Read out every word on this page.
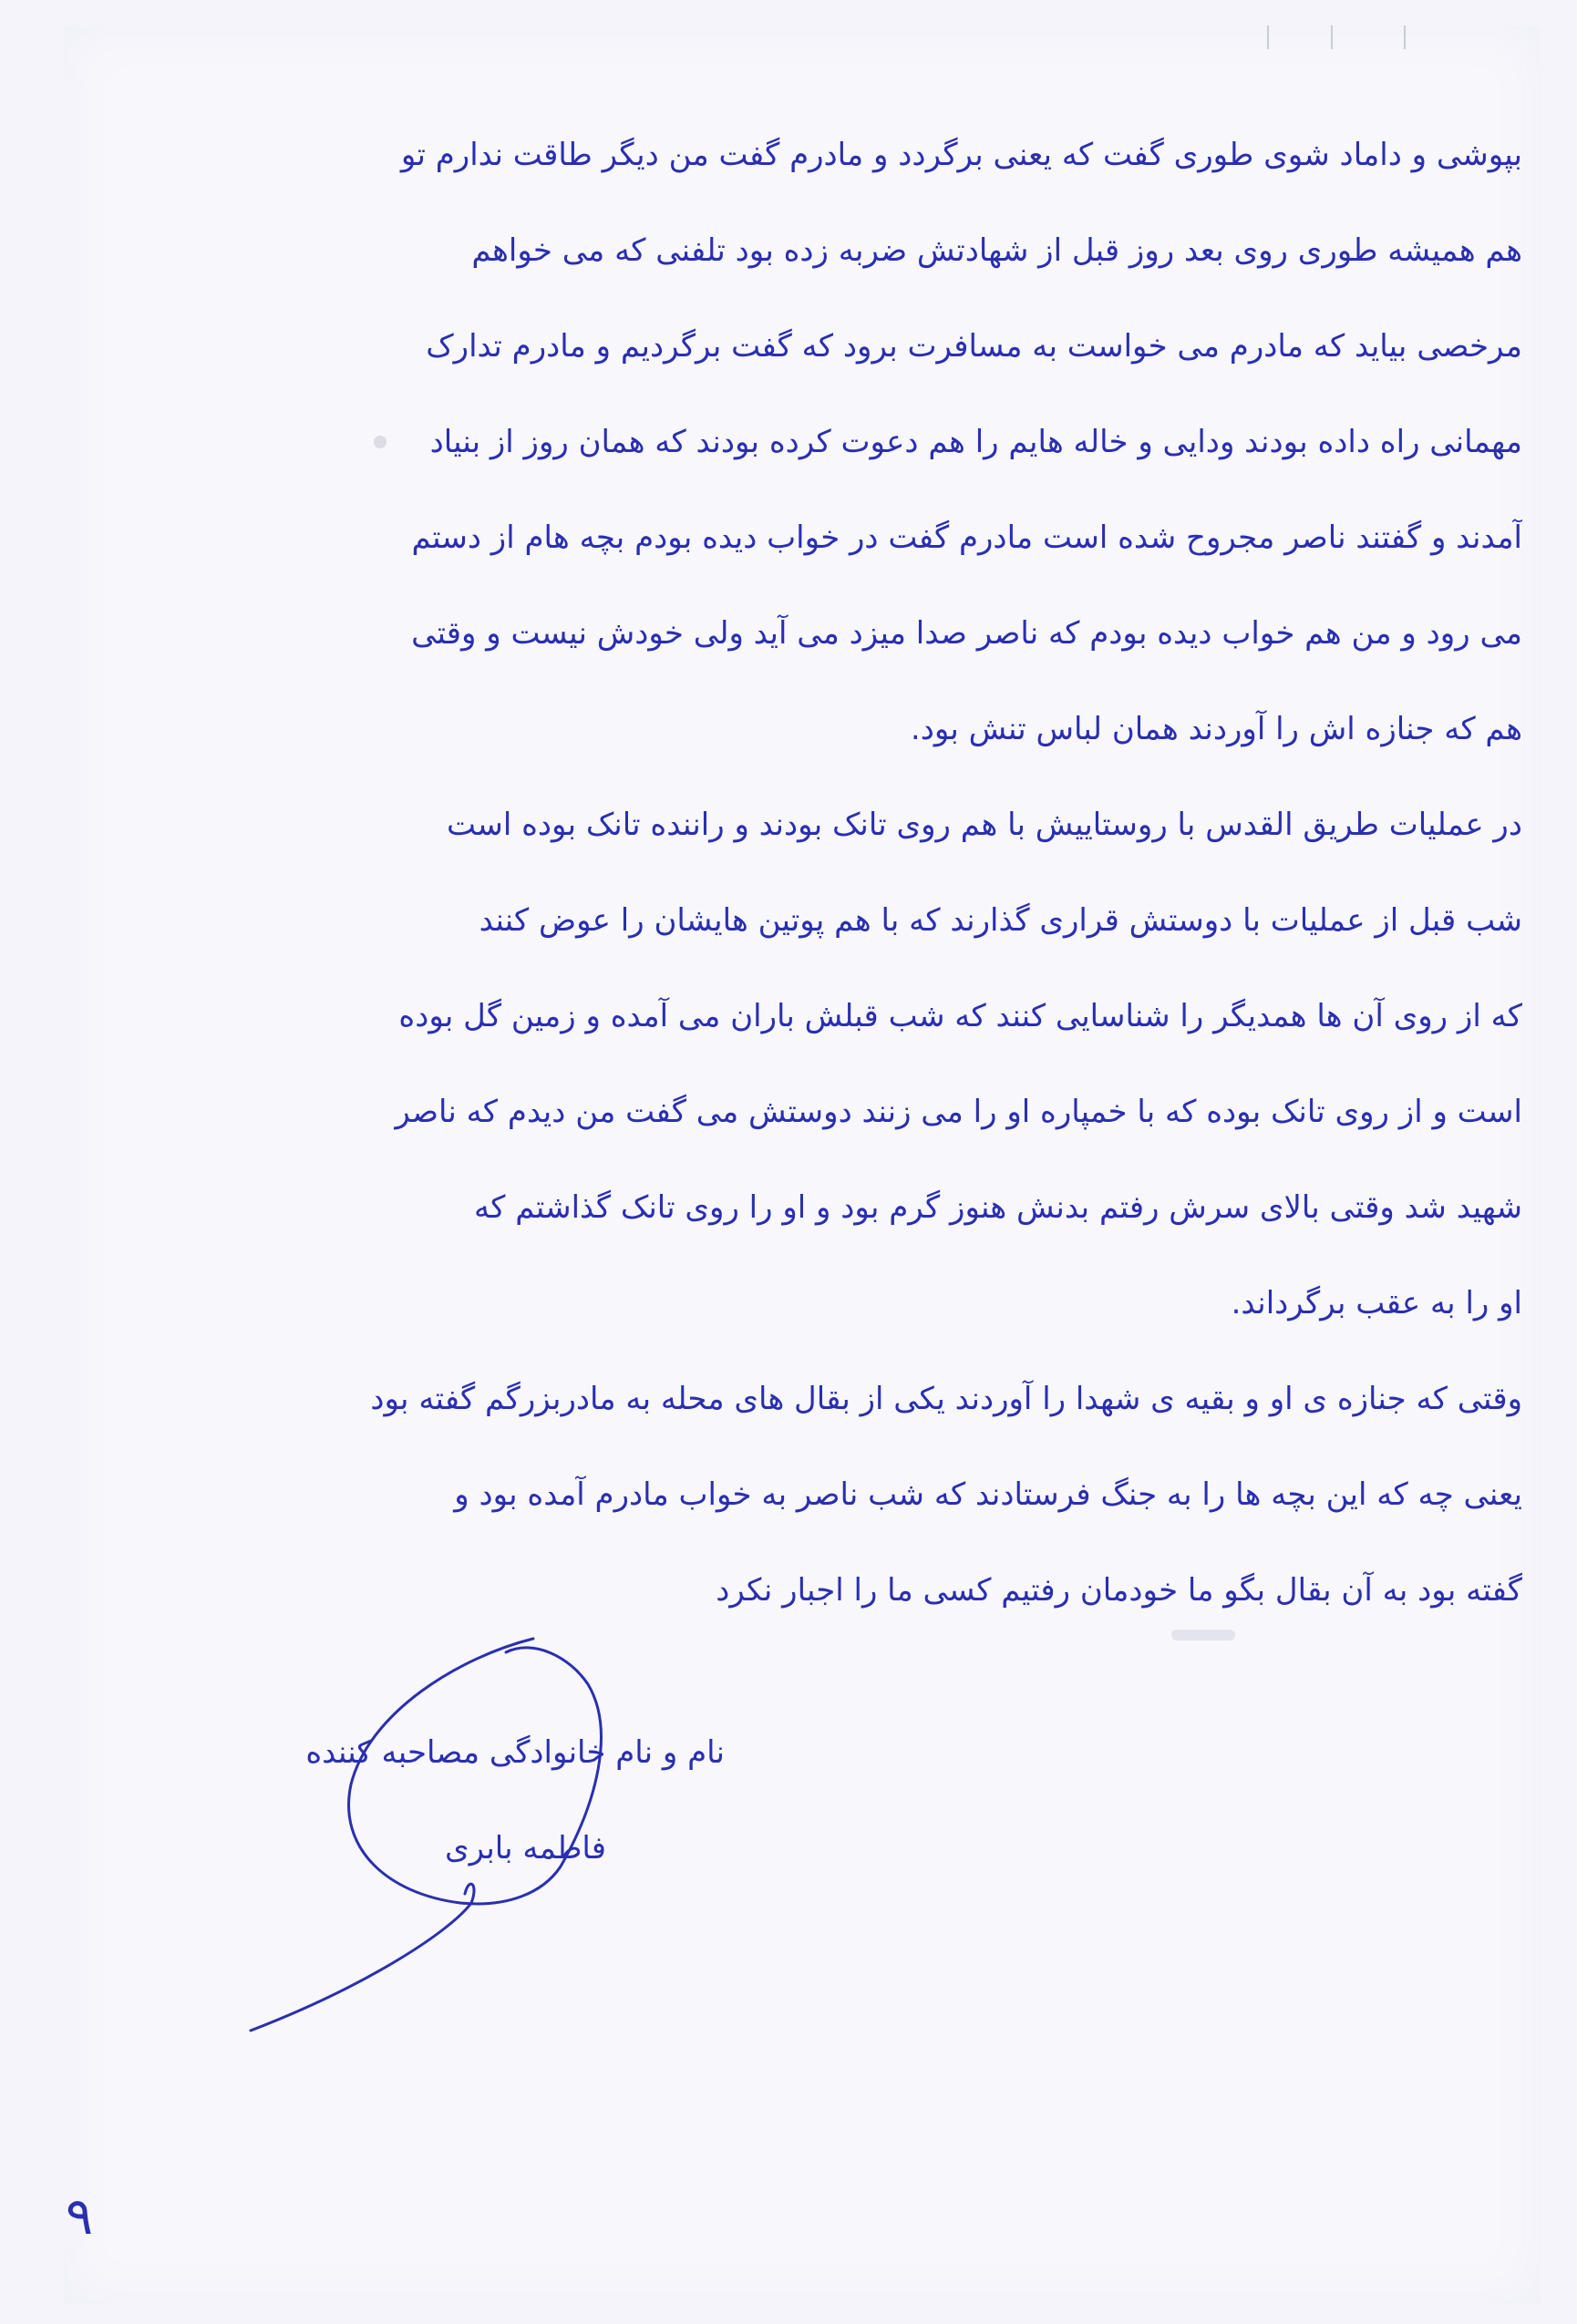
بپوشی و داماد شوی طوری گفت که یعنی برگردد و مادرم گفت من دیگر طاقت ندارم تو
هم همیشه طوری روی بعد روز قبل از شهادتش ضربه زده بود تلفنی که می خواهم
مرخصی بیاید که مادرم می خواست به مسافرت برود که گفت برگردیم و مادرم تدارک
مهمانی راه داده بودند ودایی و خاله هایم را هم دعوت کرده بودند که همان روز از بنیاد
آمدند و گفتند ناصر مجروح شده است مادرم گفت در خواب دیده بودم بچه هام از دستم
می رود و من هم خواب دیده بودم که ناصر صدا میزد می آید ولی خودش نیست و وقتی
هم که جنازه اش را آوردند همان لباس تنش بود.
در عملیات طریق القدس با روستاییش با هم روی تانک بودند و راننده تانک بوده است
شب قبل از عملیات با دوستش قراری گذارند که با هم پوتین هایشان را عوض کنند
که از روی آن ها همدیگر را شناسایی کنند که شب قبلش باران می آمده و زمین گل بوده
است و از روی تانک بوده که با خمپاره او را می زنند دوستش می گفت من دیدم که ناصر
شهید شد وقتی بالای سرش رفتم بدنش هنوز گرم بود و او را روی تانک گذاشتم که
او را به عقب برگرداند.
وقتی که جنازه ی او و بقیه ی شهدا را آوردند یکی از بقال های محله به مادربزرگم گفته بود
یعنی چه که این بچه ها را به جنگ فرستادند که شب ناصر به خواب مادرم آمده بود و
گفته بود به آن بقال بگو ما خودمان رفتیم کسی ما را اجبار نکرد
نام و نام خانوادگی مصاحبه کننده
فاطمه بابری
۹
